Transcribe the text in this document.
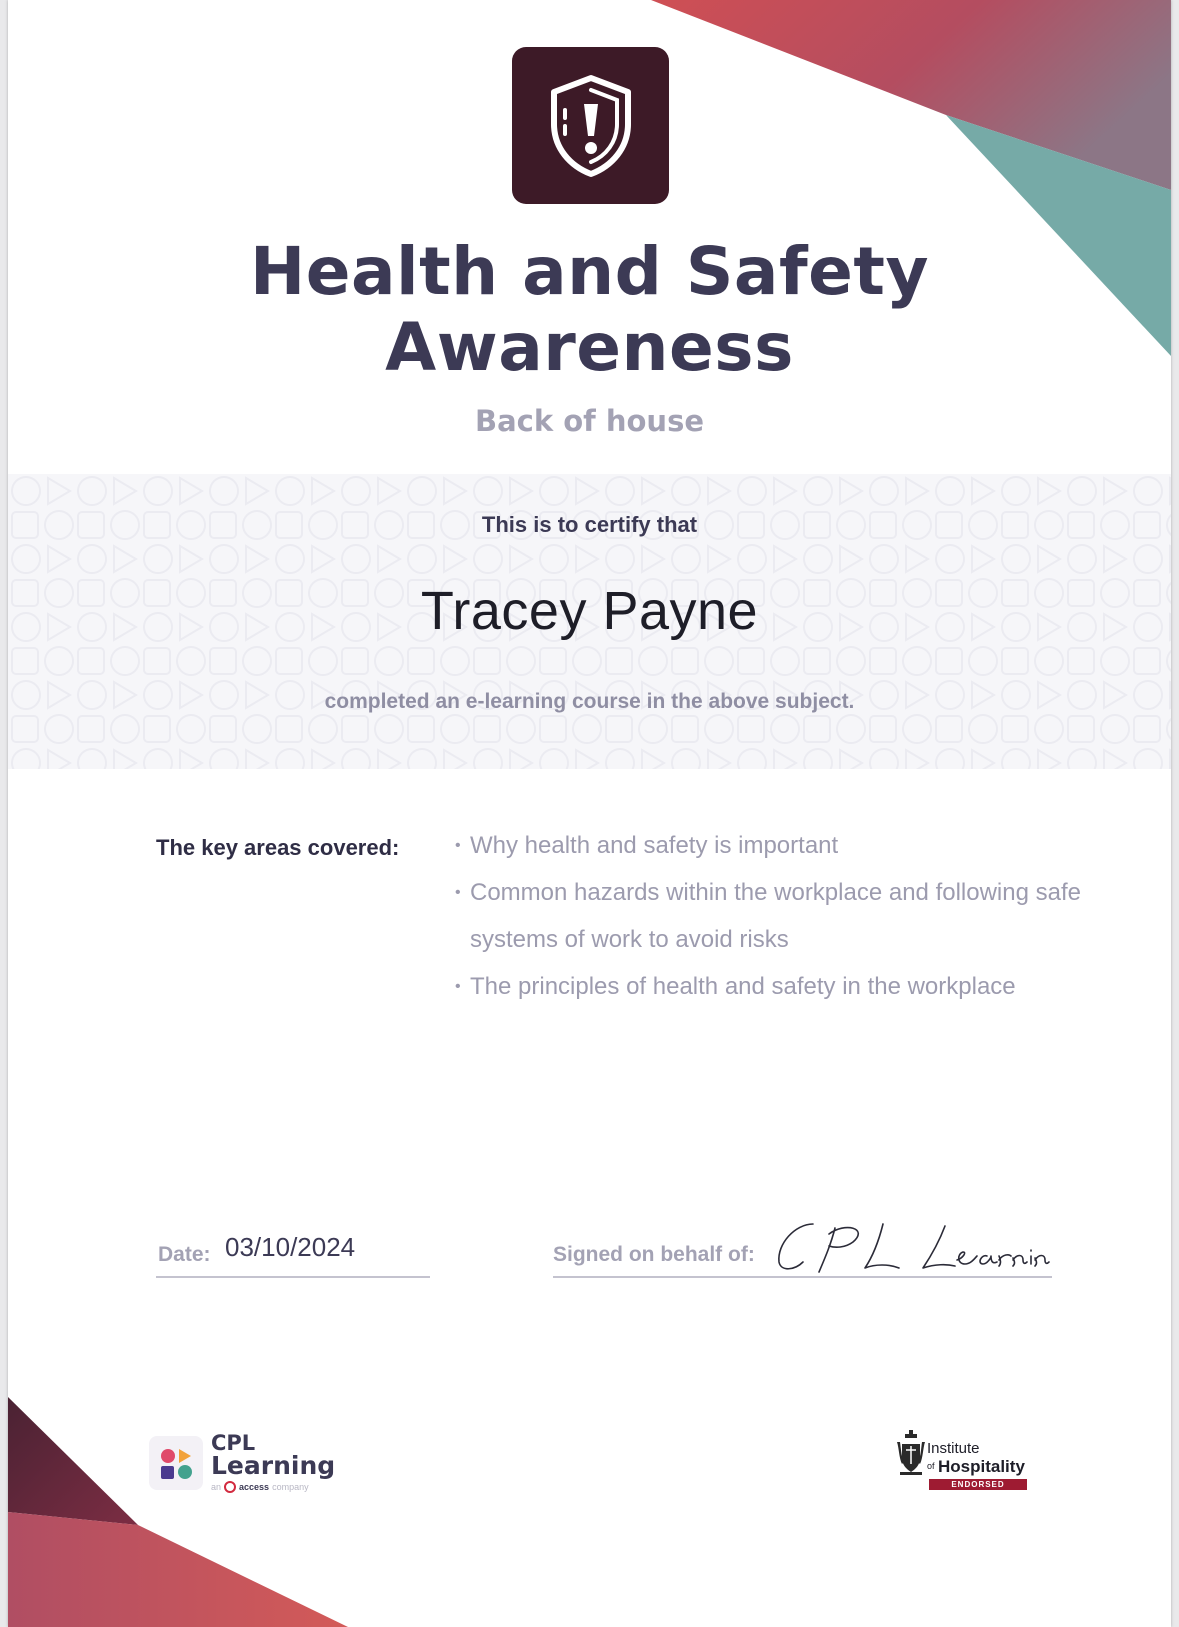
Health and Safety
Awareness
Back of house
This is to certify that
Tracey Payne
completed an e-learning course in the above subject.
The key areas covered:	• Why health and safety is important
• Common hazards within the workplace and following safe systems of work to avoid risks
• The principles of health and safety in the workplace
Date: 03/10/2024	Signed on behalf of:
CPL
Learning
an access company
Institute
of Hospitality
ENDORSED
